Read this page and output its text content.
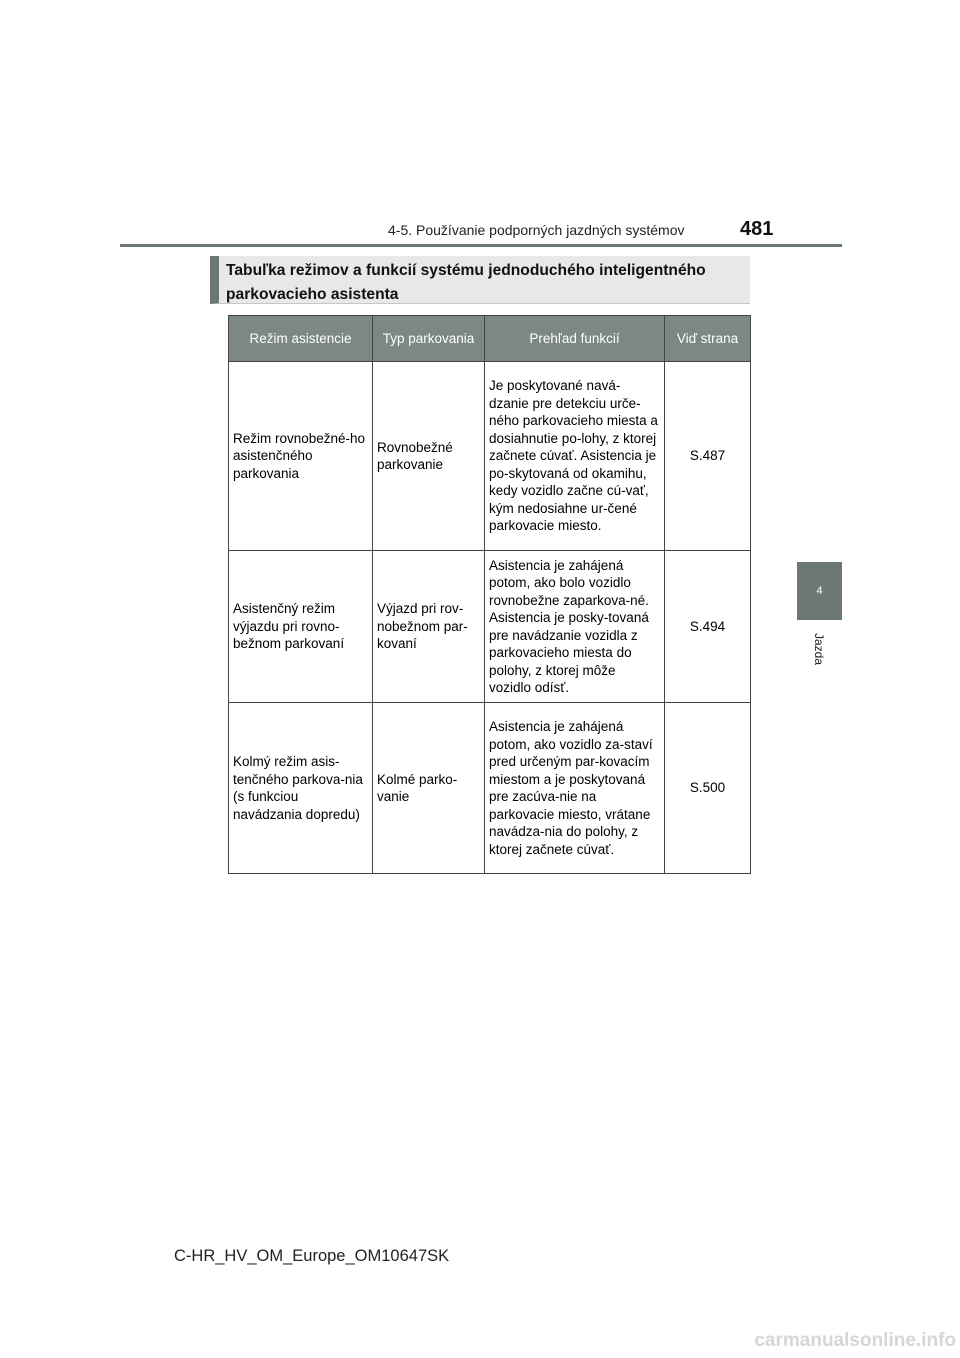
4-5. Používanie podporných jazdných systémov	481
4
Jazda
Tabuľka režimov a funkcií systému jednoduchého inteligentného parkovacieho asistenta
Režim asistencie	Typ parkovania	Prehľad funkcií	Viď strana
Režim rovnobežné-ho asistenčného parkovania	Rovnobežné parkovanie	Je poskytované navá-dzanie pre detekciu urče-ného parkovacieho miesta a dosiahnutie po-lohy, z ktorej začnete cúvať. Asistencia je po-skytovaná od okamihu, kedy vozidlo začne cú-vať, kým nedosiahne ur-čené parkovacie miesto.	S.487
Asistenčný režim výjazdu pri rovno-bežnom parkovaní	Výjazd pri rov-nobežnom par-kovaní	Asistencia je zahájená potom, ako bolo vozidlo rovnobežne zaparkova-né. Asistencia je posky-tovaná pre navádzanie vozidla z parkovacieho miesta do polohy, z ktorej môže vozidlo odísť.	S.494
Kolmý režim asis-tenčného parkova-nia (s funkciou navádzania dopredu)	Kolmé parko-vanie	Asistencia je zahájená potom, ako vozidlo za-staví pred určeným par-kovacím miestom a je poskytovaná pre zacúva-nie na parkovacie miesto, vrátane navádza-nia do polohy, z ktorej začnete cúvať.	S.500
C-HR_HV_OM_Europe_OM10647SK
carmanualsonline.info
